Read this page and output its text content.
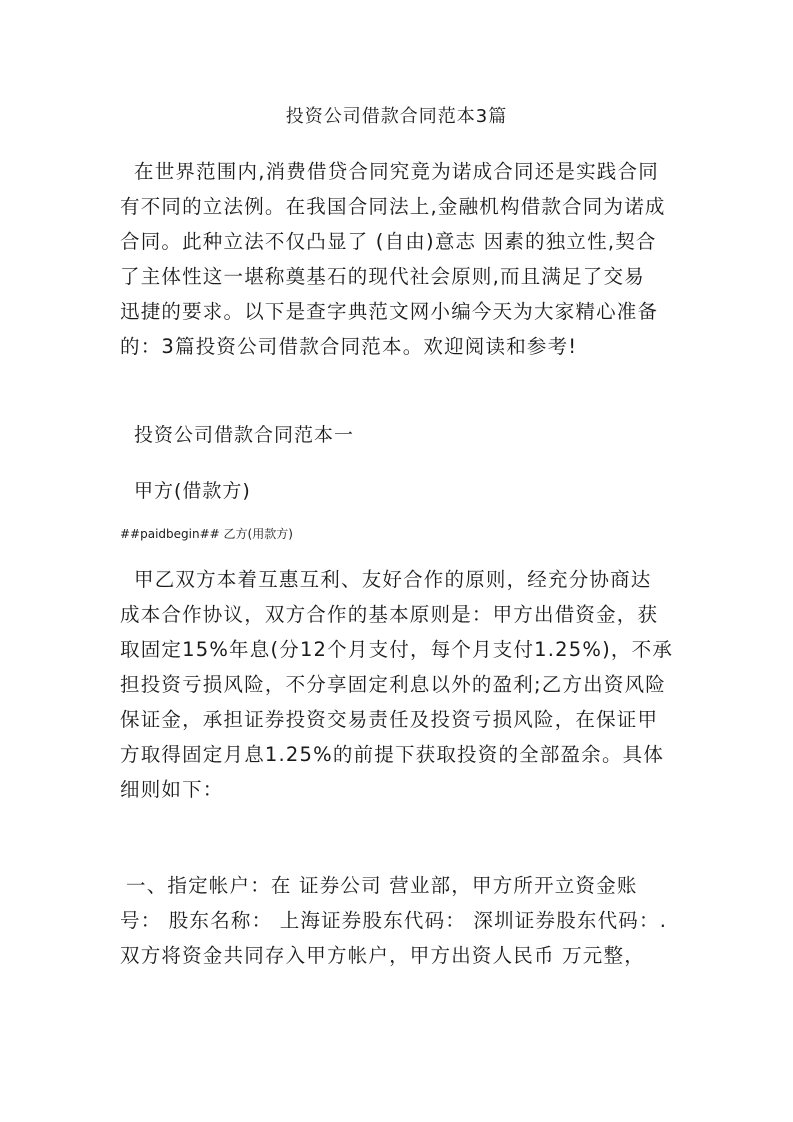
投资公司借款合同范本3篇
在世界范围内,消费借贷合同究竟为诺成合同还是实践合同
有不同的立法例。在我国合同法上,金融机构借款合同为诺成
合同。此种立法不仅凸显了 (自由)意志 因素的独立性,契合
了主体性这一堪称奠基石的现代社会原则,而且满足了交易
迅捷的要求。以下是查字典范文网小编今天为大家精心准备
的：3篇投资公司借款合同范本。欢迎阅读和参考!
投资公司借款合同范本一
甲方(借款方)
##paidbegin## 乙方(用款方)
甲乙双方本着互惠互利、友好合作的原则，经充分协商达
成本合作协议，双方合作的基本原则是：甲方出借资金，获
取固定15%年息(分12个月支付，每个月支付1.25%)，不承
担投资亏损风险，不分享固定利息以外的盈利;乙方出资风险
保证金，承担证券投资交易责任及投资亏损风险，在保证甲
方取得固定月息1.25%的前提下获取投资的全部盈余。具体
细则如下：
一、指定帐户：在 证券公司 营业部，甲方所开立资金账
号： 股东名称： 上海证券股东代码： 深圳证券股东代码：.
双方将资金共同存入甲方帐户，甲方出资人民币 万元整，
